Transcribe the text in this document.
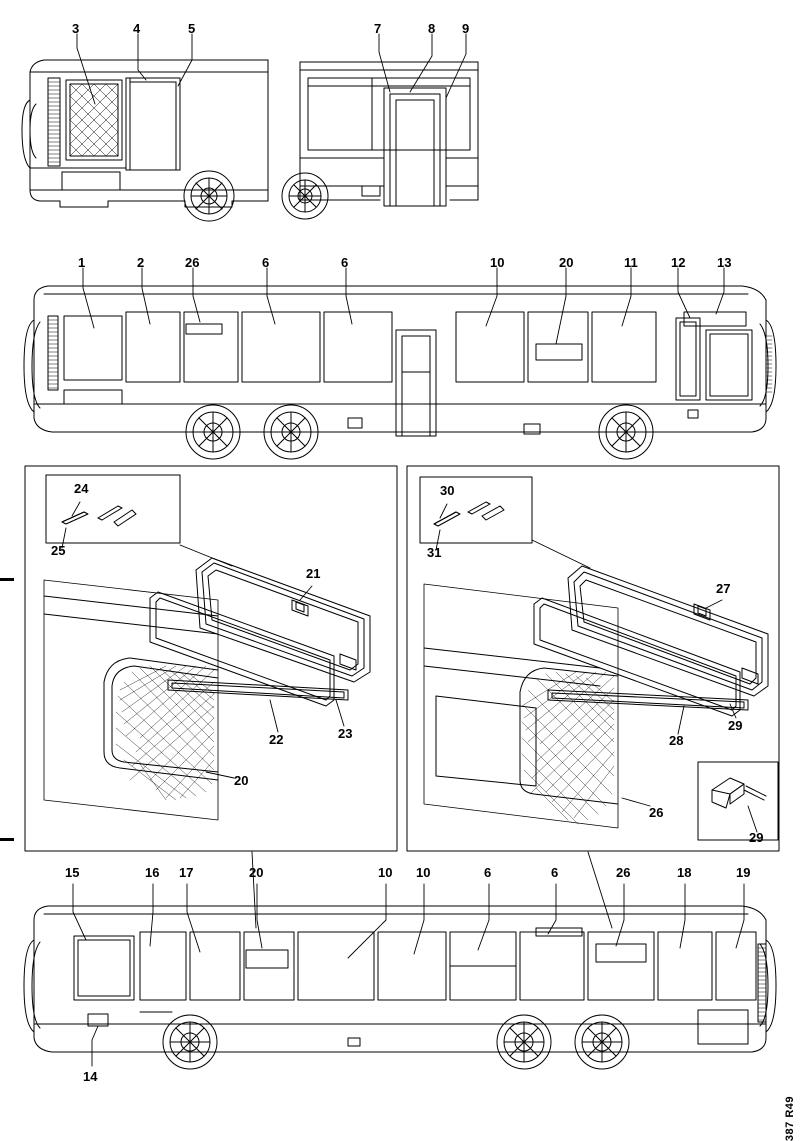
3	4	5	7	8 9
1	2	26	6	6	10	20	11	12 13
24
25
21
22	23
20
30
31
27
28
29
29
26
15	16 17	20	10 10	6	6	26	18	19
14
387 R49
